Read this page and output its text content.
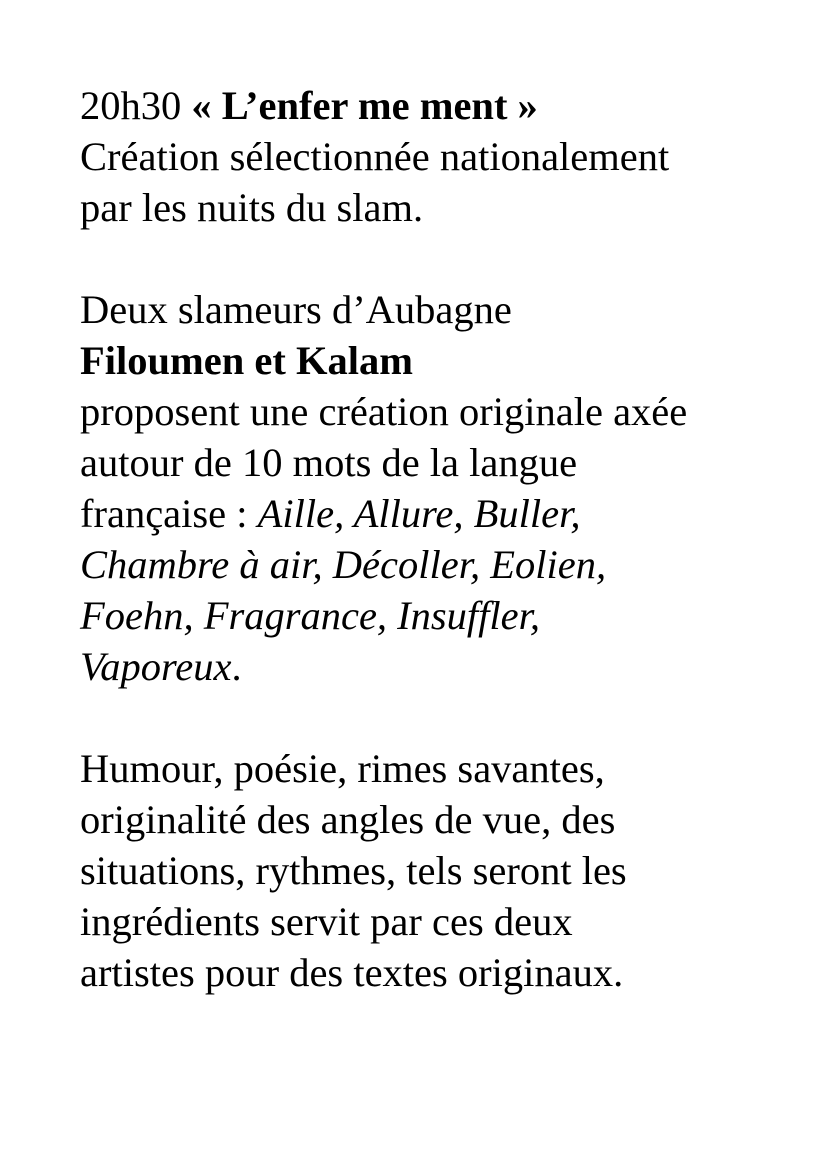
20h30 « L’enfer me ment »
Création sélectionnée nationalement
par les nuits du slam.
Deux slameurs d’Aubagne
Filoumen et Kalam
proposent une création originale axée
autour de 10 mots de la langue
française : Aille, Allure, Buller,
Chambre à air, Décoller, Eolien,
Foehn, Fragrance, Insuffler,
Vaporeux.
Humour, poésie, rimes savantes,
originalité des angles de vue, des
situations, rythmes, tels seront les
ingrédients servit par ces deux
artistes pour des textes originaux.
